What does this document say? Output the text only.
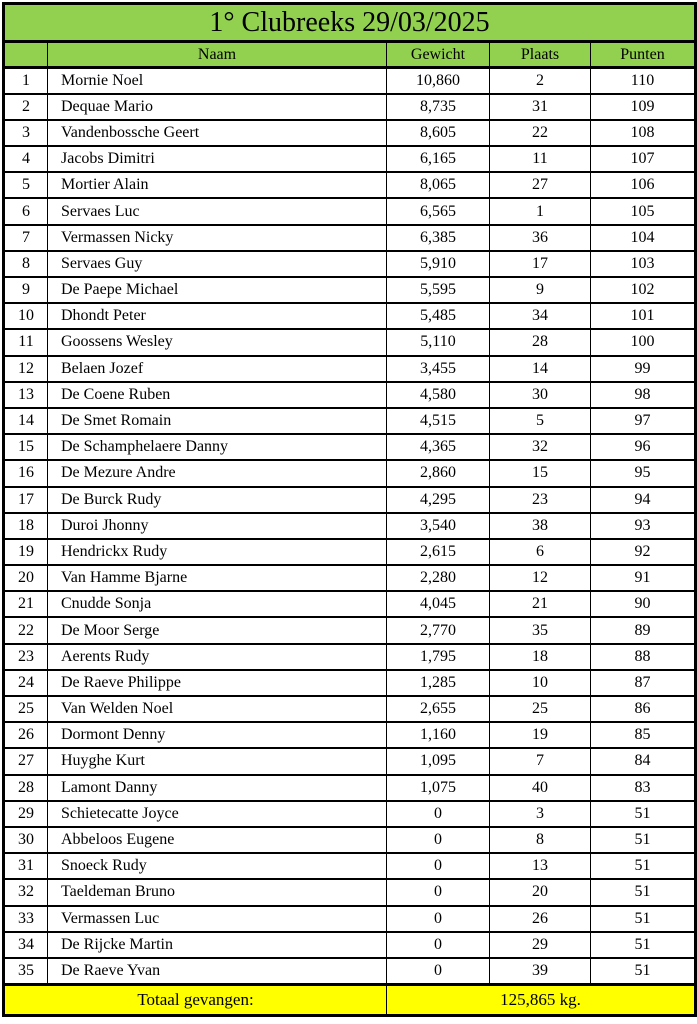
1° Clubreeks 29/03/2025				
	Naam	Gewicht	Plaats	Punten
1	Mornie Noel	10,860	2	110
2	Dequae Mario	8,735	31	109
3	Vandenbossche Geert	8,605	22	108
4	Jacobs Dimitri	6,165	11	107
5	Mortier Alain	8,065	27	106
6	Servaes Luc	6,565	1	105
7	Vermassen Nicky	6,385	36	104
8	Servaes Guy	5,910	17	103
9	De Paepe Michael	5,595	9	102
10	Dhondt Peter	5,485	34	101
11	Goossens Wesley	5,110	28	100
12	Belaen Jozef	3,455	14	99
13	De Coene Ruben	4,580	30	98
14	De Smet Romain	4,515	5	97
15	De Schamphelaere Danny	4,365	32	96
16	De Mezure Andre	2,860	15	95
17	De Burck Rudy	4,295	23	94
18	Duroi Jhonny	3,540	38	93
19	Hendrickx Rudy	2,615	6	92
20	Van Hamme Bjarne	2,280	12	91
21	Cnudde Sonja	4,045	21	90
22	De Moor Serge	2,770	35	89
23	Aerents Rudy	1,795	18	88
24	De Raeve Philippe	1,285	10	87
25	Van Welden Noel	2,655	25	86
26	Dormont Denny	1,160	19	85
27	Huyghe Kurt	1,095	7	84
28	Lamont Danny	1,075	40	83
29	Schietecatte Joyce	0	3	51
30	Abbeloos Eugene	0	8	51
31	Snoeck Rudy	0	13	51
32	Taeldeman Bruno	0	20	51
33	Vermassen Luc	0	26	51
34	De Rijcke Martin	0	29	51
35	De Raeve Yvan	0	39	51
Totaal gevangen:		125,865 kg.		
